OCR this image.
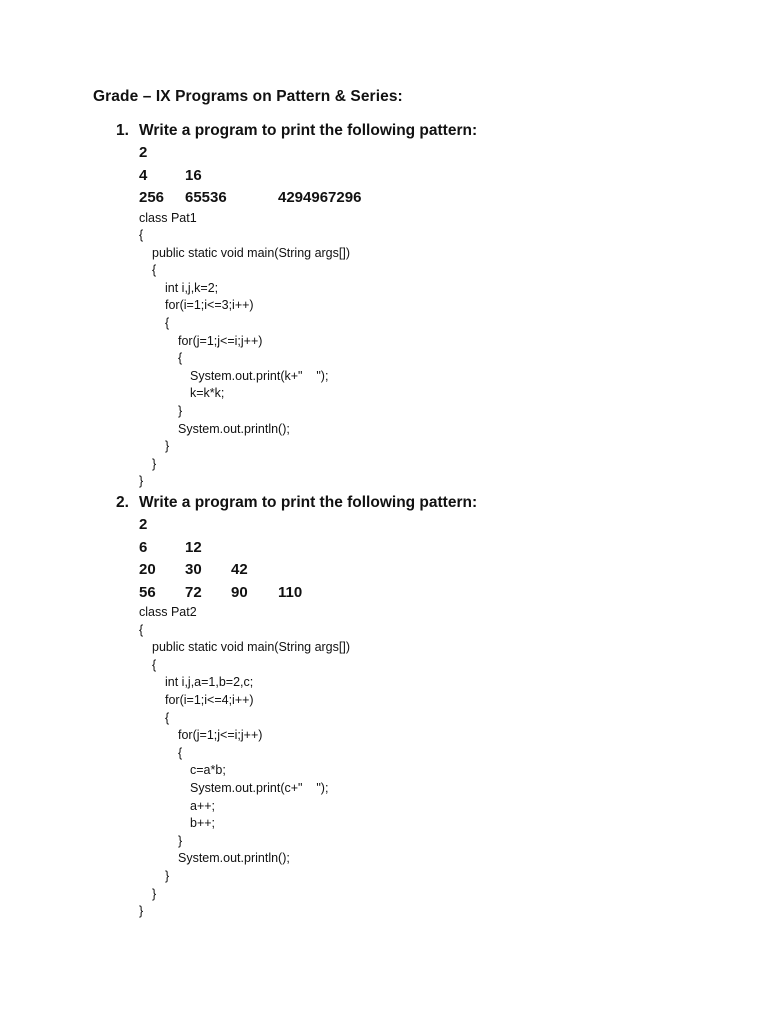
Grade – IX Programs on Pattern & Series:
1. Write a program to print the following pattern:
2
4	16
256 65536	4294967296
class Pat1
{
public static void main(String args[])
{
int i,j,k=2;
for(i=1;i<=3;i++)
{
for(j=1;j<=i;j++)
{
System.out.print(k+"    ");
k=k*k;
}
System.out.println();
}
}
}
2. Write a program to print the following pattern:
2
6	12
20 30 42
56 72 90 110
class Pat2
{
public static void main(String args[])
{
int i,j,a=1,b=2,c;
for(i=1;i<=4;i++)
{
for(j=1;j<=i;j++)
{
c=a*b;
System.out.print(c+"    ");
a++;
b++;
}
System.out.println();
}
}
}
